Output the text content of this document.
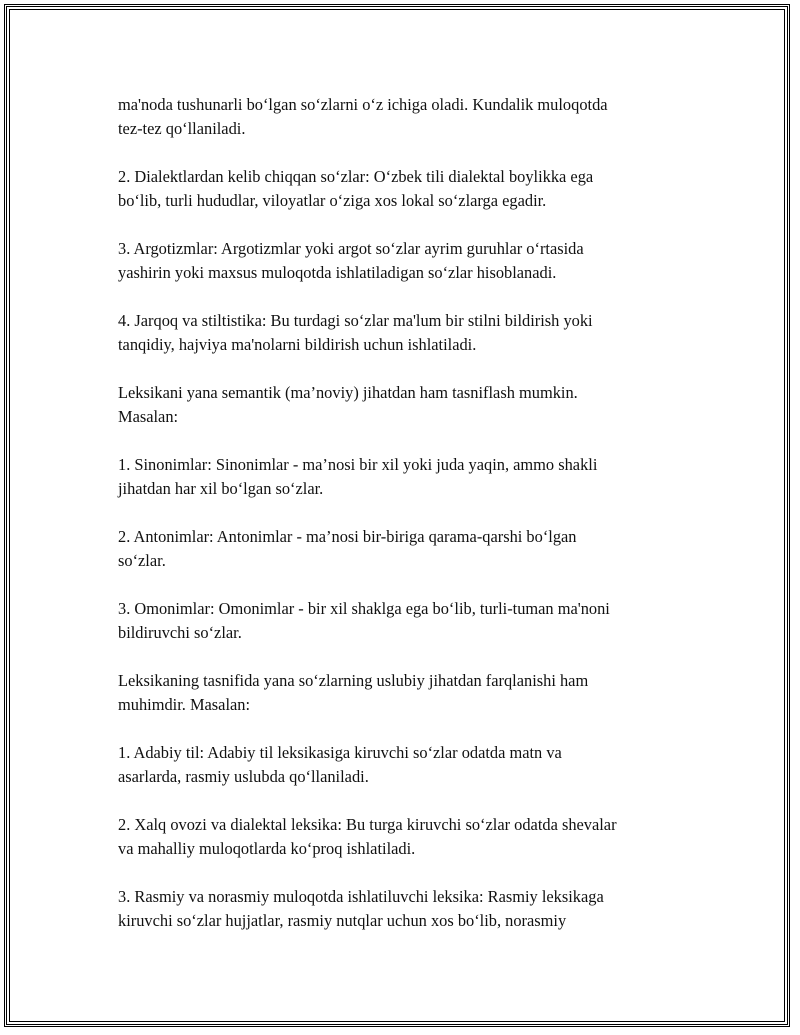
ma'noda tushunarli bo‘lgan so‘zlarni o‘z ichiga oladi. Kundalik muloqotda
tez-tez qo‘llaniladi.

2. Dialektlardan kelib chiqqan so‘zlar: O‘zbek tili dialektal boylikka ega
bo‘lib, turli hududlar, viloyatlar o‘ziga xos lokal so‘zlarga egadir.

3. Argotizmlar: Argotizmlar yoki argot so‘zlar ayrim guruhlar o‘rtasida
yashirin yoki maxsus muloqotda ishlatiladigan so‘zlar hisoblanadi.

4. Jarqoq va stiltistika: Bu turdagi so‘zlar ma'lum bir stilni bildirish yoki
tanqidiy, hajviya ma'nolarni bildirish uchun ishlatiladi.

Leksikani yana semantik (ma’noviy) jihatdan ham tasniflash mumkin.
Masalan:

1. Sinonimlar: Sinonimlar - ma’nosi bir xil yoki juda yaqin, ammo shakli
jihatdan har xil bo‘lgan so‘zlar.

2. Antonimlar: Antonimlar - ma’nosi bir-biriga qarama-qarshi bo‘lgan
so‘zlar.

3. Omonimlar: Omonimlar - bir xil shaklga ega bo‘lib, turli-tuman ma'noni
bildiruvchi so‘zlar.

Leksikaning tasnifida yana so‘zlarning uslubiy jihatdan farqlanishi ham
muhimdir. Masalan:

1. Adabiy til: Adabiy til leksikasiga kiruvchi so‘zlar odatda matn va
asarlarda, rasmiy uslubda qo‘llaniladi.

2. Xalq ovozi va dialektal leksika: Bu turga kiruvchi so‘zlar odatda shevalar
va mahalliy muloqotlarda ko‘proq ishlatiladi.

3. Rasmiy va norasmiy muloqotda ishlatiluvchi leksika: Rasmiy leksikaga
kiruvchi so‘zlar hujjatlar, rasmiy nutqlar uchun xos bo‘lib, norasmiy
